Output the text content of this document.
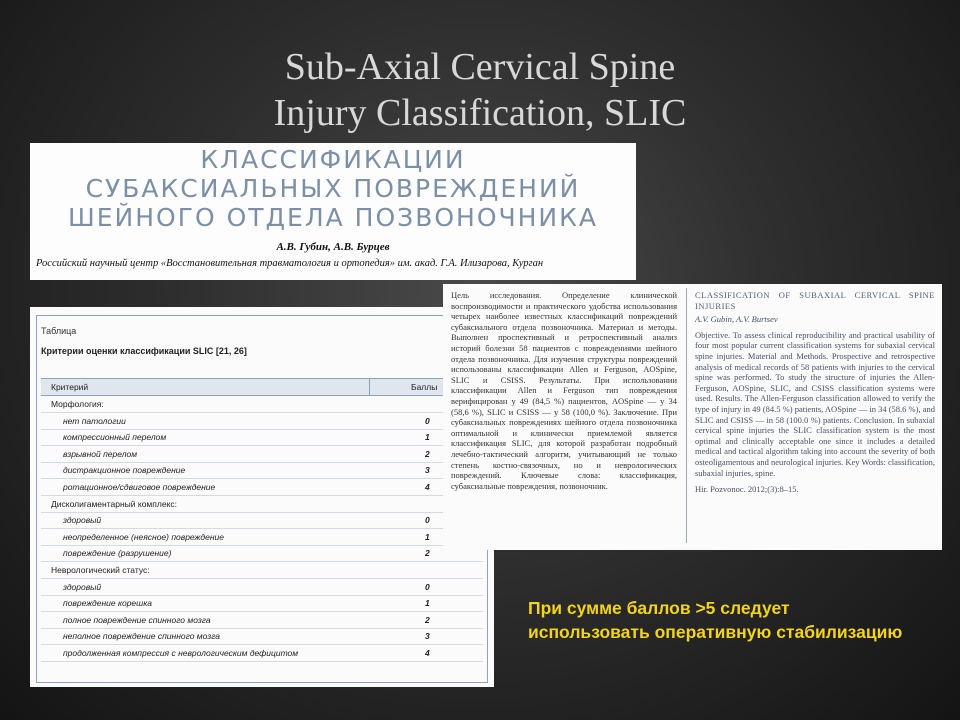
Sub-Axial Cervical Spine
Injury Classification, SLIC
КЛАССИФИКАЦИИ
СУБАКСИАЛЬНЫХ ПОВРЕЖДЕНИЙ
ШЕЙНОГО ОТДЕЛА ПОЗВОНОЧНИКА
А.В. Губин, А.В. Бурцев
Российский научный центр «Восстановительная травматология и ортопедия» им. акад. Г.А. Илизарова, Курган
Таблица
Критерии оценки классификации SLIC [21, 26]
Критерий	Баллы
Морфология:
нет патологии	0
компрессионный перелом	1
взрывной перелом	2
дистракционное повреждение	3
ротационное/сдвиговое повреждение	4
Дисколигаментарный комплекс:
здоровый	0
неопределенное (неясное) повреждение	1
повреждение (разрушение)	2
Неврологический статус:
здоровый	0
повреждение корешка	1
полное повреждение спинного мозга	2
неполное повреждение спинного мозга	3
продолженная компрессия с неврологическим дефицитом	4
Цель исследования. Определение клинической воспроизводимости и практического удобства использования четырех наиболее известных классификаций повреждений субаксиального отдела позвоночника. Материал и методы. Выполнен проспективный и ретроспективный анализ историй болезни 58 пациентов с повреждениями шейного отдела позвоночника. Для изучения структуры повреждений использованы классификации Allen и Ferguson, AOSpine, SLIC и CSISS. Результаты. При использовании классификации Allen и Ferguson тип повреждения верифицирован у 49 (84,5 %) пациентов, AOSpine — у 34 (58,6 %), SLIC и CSISS — у 58 (100,0 %). Заключение. При субаксиальных повреждениях шейного отдела позвоночника оптимальной и клинически приемлемой является классификация SLIC, для которой разработан подробный лечебно-тактический алгоритм, учитывающий не только степень костно-связочных, но и неврологических повреждений. Ключевые слова: классификация, субаксиальные повреждения, позвоночник.
CLASSIFICATION OF SUBAXIAL CERVICAL SPINE INJURIES
A.V. Gubin, A.V. Burtsev
Objective. To assess clinical reproducibility and practical usability of four most popular current classification systems for subaxial cervical spine injuries. Material and Methods. Prospective and retrospective analysis of medical records of 58 patients with injuries to the cervical spine was performed. To study the structure of injuries the Allen-Ferguson, AOSpine, SLIC, and CSISS classification systems were used. Results. The Allen-Ferguson classification allowed to verify the type of injury in 49 (84.5 %) patients, AOSpine — in 34 (58.6 %), and SLIC and CSISS — in 58 (100.0 %) patients. Conclusion. In subaxial cervical spine injuries the SLIC classification system is the most optimal and clinically acceptable one since it includes a detailed medical and tactical algorithm taking into account the severity of both osteoligamentous and neurological injuries. Key Words: classification, subaxial injuries, spine.
Hir. Pozvonoc. 2012;(3):8–15.
При сумме баллов >5 следует использовать оперативную стабилизацию
